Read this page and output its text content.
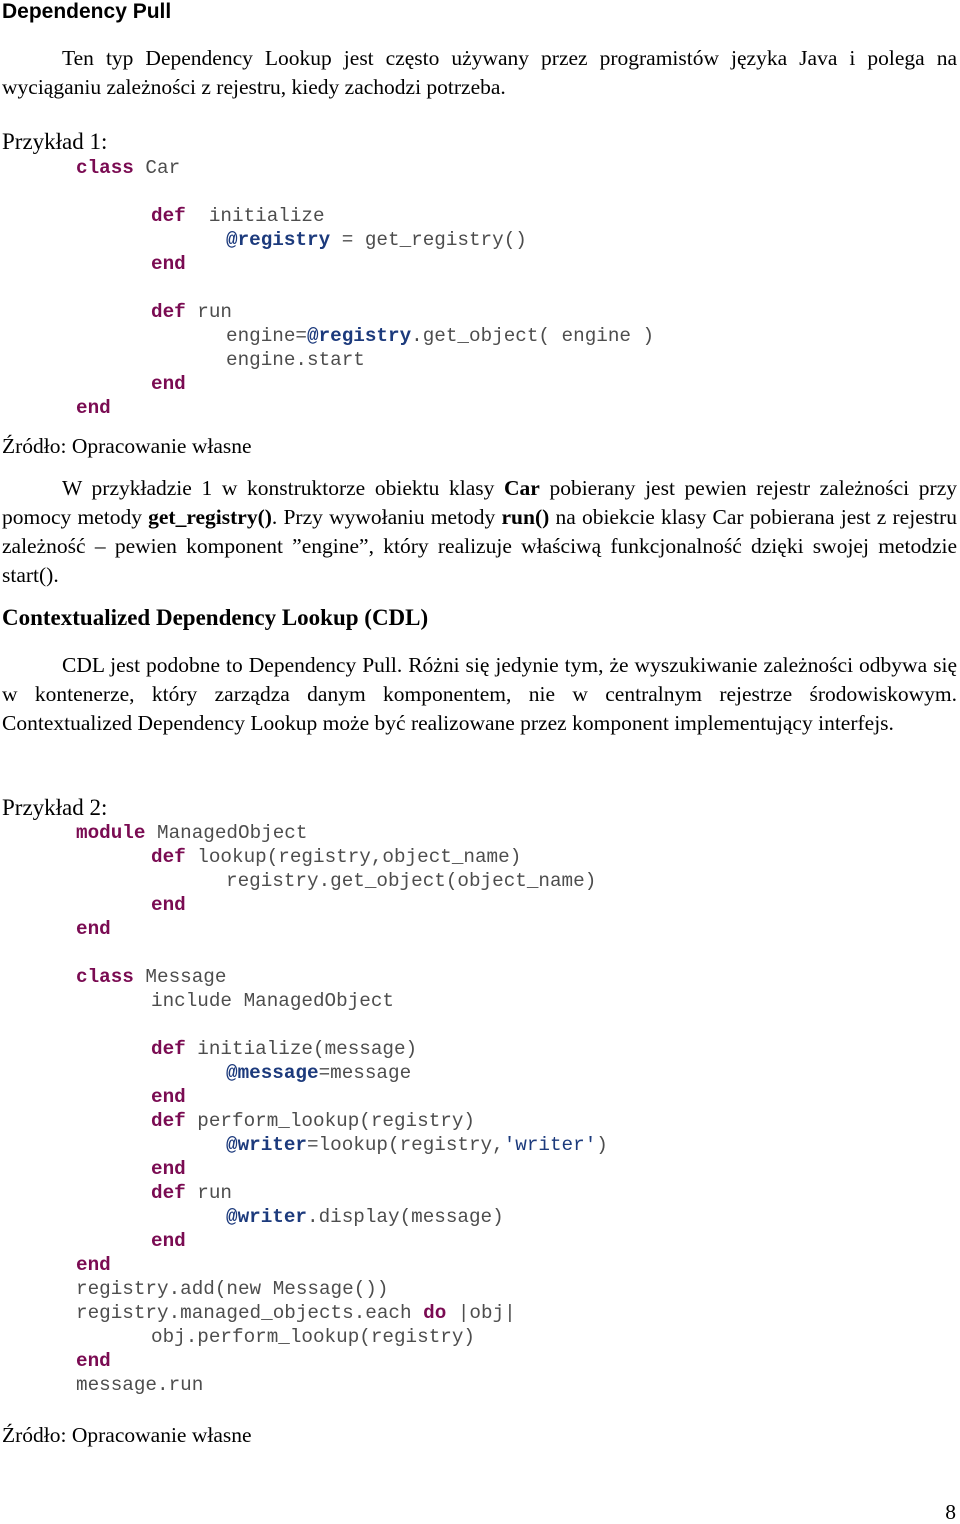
Dependency Pull
Ten typ Dependency Lookup jest często używany przez programistów języka Java i polega na wyciąganiu zależności z rejestru, kiedy zachodzi potrzeba.
Przykład 1:

class Car

def  initialize

@registry = get_registry()

end

def run

engine=@registry.get_object( engine )

engine.start

end

end

Źródło: Opracowanie własne
W przykładzie 1 w konstruktorze obiektu klasy Car pobierany jest pewien rejestr zależności przy pomocy metody get_registry(). Przy wywołaniu metody run() na obiekcie klasy Car pobierana jest z rejestru zależność – pewien komponent ”engine”, który realizuje właściwą funkcjonalność dzięki swojej metodzie start().
Contextualized Dependency Lookup (CDL)
CDL jest podobne to Dependency Pull. Różni się jedynie tym, że wyszukiwanie zależności odbywa się w kontenerze, który zarządza danym komponentem, nie w centralnym rejestrze środowiskowym. Contextualized Dependency Lookup może być realizowane przez komponent implementujący interfejs.
Przykład 2:

module ManagedObject

def lookup(registry,object_name)

registry.get_object(object_name)

end

end

class Message

include ManagedObject

def initialize(message)

@message=message

end

def perform_lookup(registry)

@writer=lookup(registry,'writer')

end

def run

@writer.display(message)

end

end

registry.add(new Message())

registry.managed_objects.each do |obj|

obj.perform_lookup(registry)

end

message.run

Źródło: Opracowanie własne
8
